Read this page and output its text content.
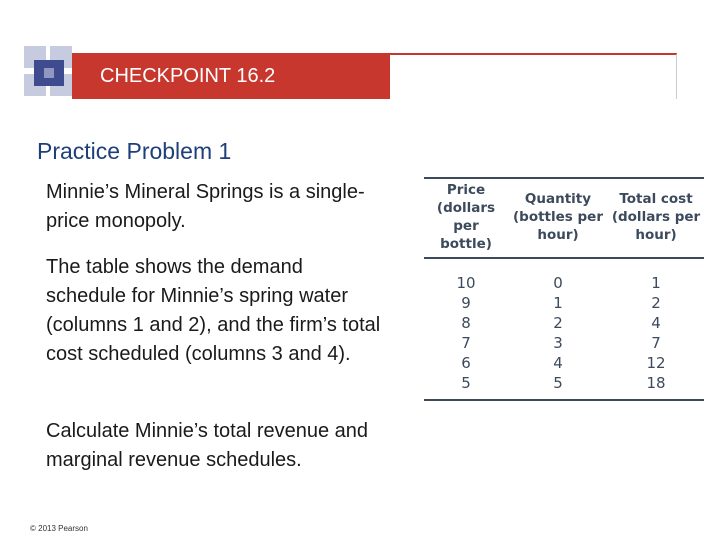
CHECKPOINT 16.2
Practice Problem 1

Minnie’s Mineral Springs is a single-price monopoly.

The table shows the demand schedule for Minnie’s spring water (columns 1 and 2), and the firm’s total cost scheduled (columns 3 and 4).

Calculate Minnie’s total revenue and marginal revenue schedules.

Price (dollars per bottle)	Quantity (bottles per hour)	Total cost (dollars per hour)
10	0	1
9	1	2
8	2	4
7	3	7
6	4	12
5	5	18
© 2013 Pearson
